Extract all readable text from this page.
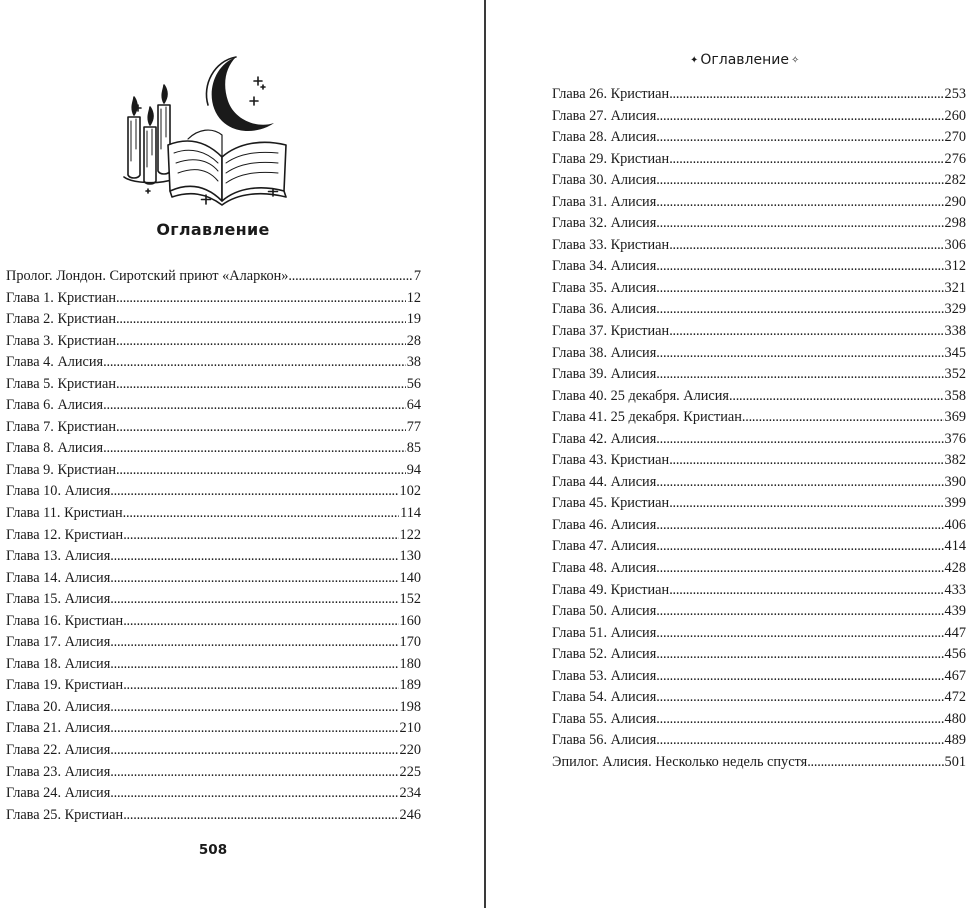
Оглавление
Пролог. Лондон. Сиротский приют «Аларкон» . . .	7
Глава 1. Кристиан . . .	12
Глава 2. Кристиан . . .	19
Глава 3. Кристиан . . .	28
Глава 4. Алисия . . .	38
Глава 5. Кристиан . . .	56
Глава 6. Алисия . . .	64
Глава 7. Кристиан . . .	77
Глава 8. Алисия . . .	85
Глава 9. Кристиан . . .	94
Глава 10. Алисия . . .	102
Глава 11. Кристиан . . .	114
Глава 12. Кристиан . . .	122
Глава 13. Алисия . . .	130
Глава 14. Алисия . . .	140
Глава 15. Алисия . . .	152
Глава 16. Кристиан . . .	160
Глава 17. Алисия . . .	170
Глава 18. Алисия . . .	180
Глава 19. Кристиан . . .	189
Глава 20. Алисия . . .	198
Глава 21. Алисия . . .	210
Глава 22. Алисия . . .	220
Глава 23. Алисия . . .	225
Глава 24. Алисия . . .	234
Глава 25. Кристиан . . .	246
508
✦ Оглавление ✧
Глава 26. Кристиан . . .	253
Глава 27. Алисия . . .	260
Глава 28. Алисия . . .	270
Глава 29. Кристиан . . .	276
Глава 30. Алисия . . .	282
Глава 31. Алисия . . .	290
Глава 32. Алисия . . .	298
Глава 33. Кристиан . . .	306
Глава 34. Алисия . . .	312
Глава 35. Алисия . . .	321
Глава 36. Алисия . . .	329
Глава 37. Кристиан . . .	338
Глава 38. Алисия . . .	345
Глава 39. Алисия . . .	352
Глава 40. 25 декабря. Алисия . . .	358
Глава 41. 25 декабря. Кристиан . . .	369
Глава 42. Алисия . . .	376
Глава 43. Кристиан . . .	382
Глава 44. Алисия . . .	390
Глава 45. Кристиан . . .	399
Глава 46. Алисия . . .	406
Глава 47. Алисия . . .	414
Глава 48. Алисия . . .	428
Глава 49. Кристиан . . .	433
Глава 50. Алисия . . .	439
Глава 51. Алисия . . .	447
Глава 52. Алисия . . .	456
Глава 53. Алисия . . .	467
Глава 54. Алисия . . .	472
Глава 55. Алисия . . .	480
Глава 56. Алисия . . .	489
Эпилог. Алисия. Несколько недель спустя . . .	501
